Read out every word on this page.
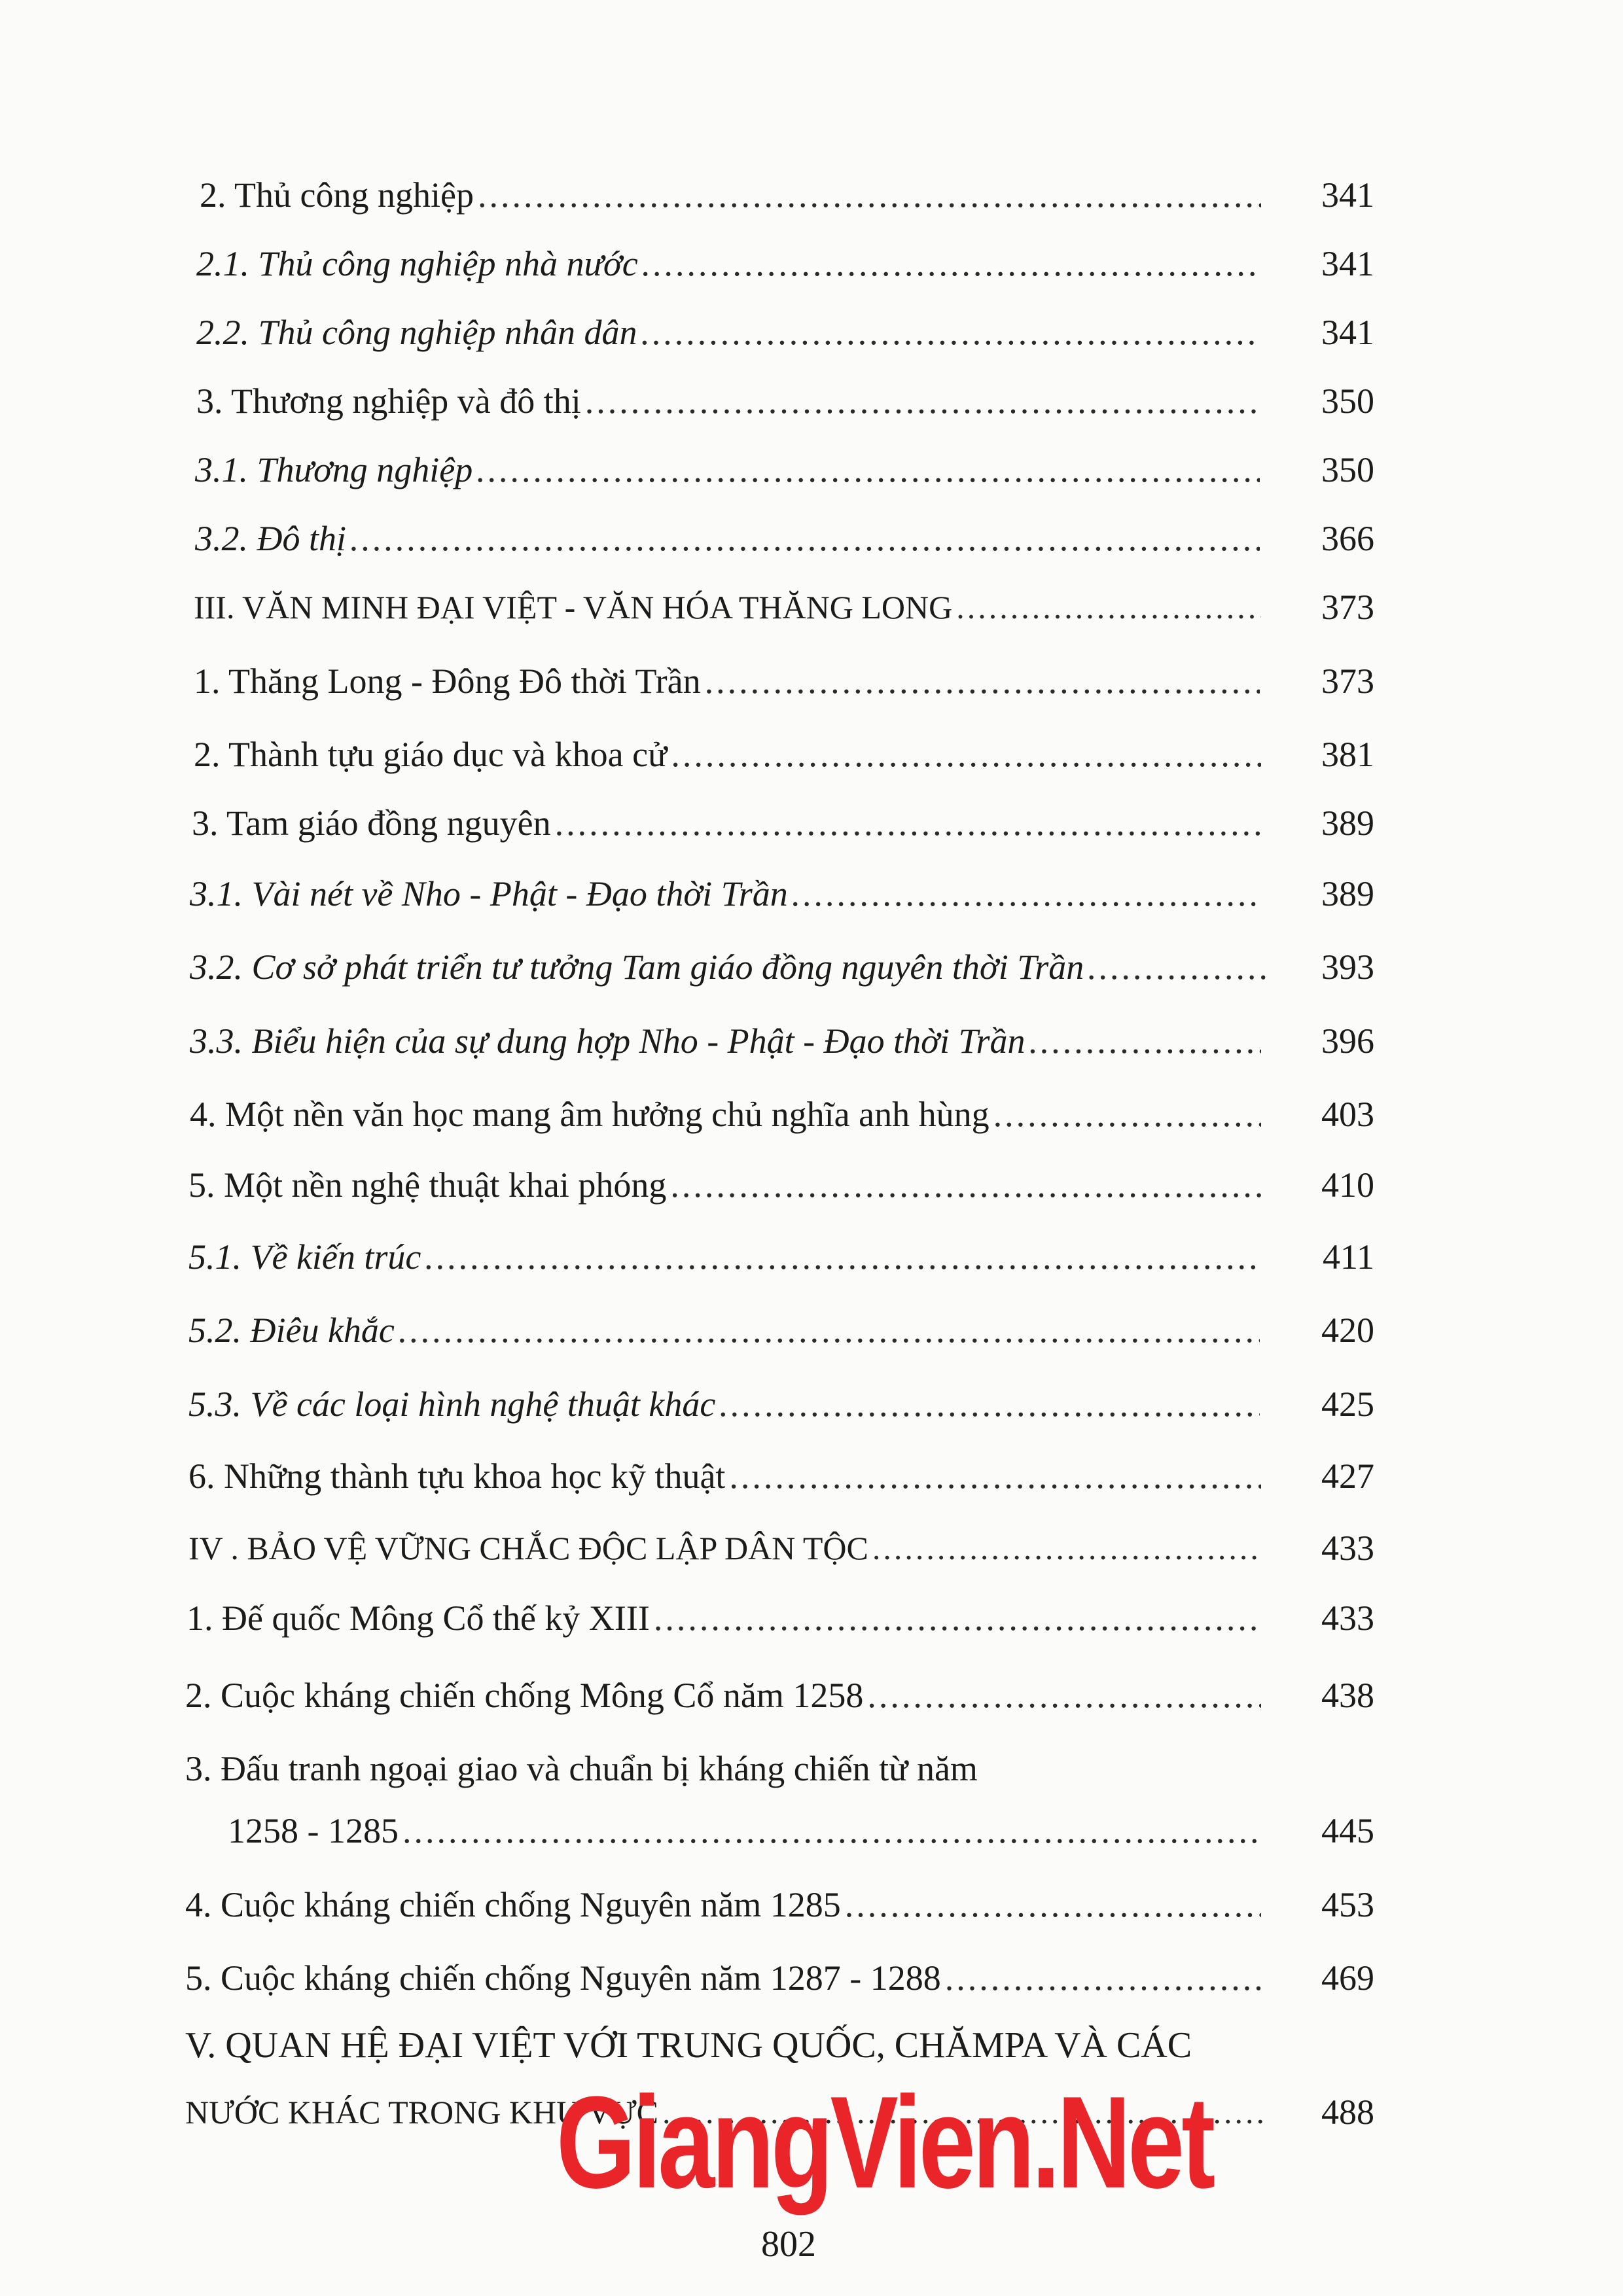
2. Thủ công nghiệp .....	341
2.1. Thủ công nghiệp nhà nước .....	341
2.2. Thủ công nghiệp nhân dân .....	341
3. Thương nghiệp và đô thị .....	350
3.1. Thương nghiệp .....	350
3.2. Đô thị .....	366
III. VĂN MINH ĐẠI VIỆT - VĂN HÓA THĂNG LONG .....	373
1. Thăng Long - Đông Đô thời Trần .....	373
2. Thành tựu giáo dục và khoa cử .....	381
3. Tam giáo đồng nguyên .....	389
3.1. Vài nét về Nho - Phật - Đạo thời Trần .....	389
3.2. Cơ sở phát triển tư tưởng Tam giáo đồng nguyên thời Trần .....	393
3.3. Biểu hiện của sự dung hợp Nho - Phật - Đạo thời Trần .....	396
4. Một nền văn học mang âm hưởng chủ nghĩa anh hùng .....	403
5. Một nền nghệ thuật khai phóng .....	410
5.1. Về kiến trúc .....	411
5.2. Điêu khắc .....	420
5.3. Về các loại hình nghệ thuật khác .....	425
6. Những thành tựu khoa học kỹ thuật .....	427
IV . BẢO VỆ VỮNG CHẮC ĐỘC LẬP DÂN TỘC .....	433
1. Đế quốc Mông Cổ thế kỷ XIII .....	433
2. Cuộc kháng chiến chống Mông Cổ năm 1258 .....	438
3. Đấu tranh ngoại giao và chuẩn bị kháng chiến từ năm
1258 - 1285 .....	445
4. Cuộc kháng chiến chống Nguyên năm 1285 .....	453
5. Cuộc kháng chiến chống Nguyên năm 1287 - 1288 .....	469
V. QUAN HỆ ĐẠI VIỆT VỚI TRUNG QUỐC, CHĂMPA VÀ CÁC
NƯỚC KHÁC TRONG KHU VỰC .....	488
GiangVien.Net
802
